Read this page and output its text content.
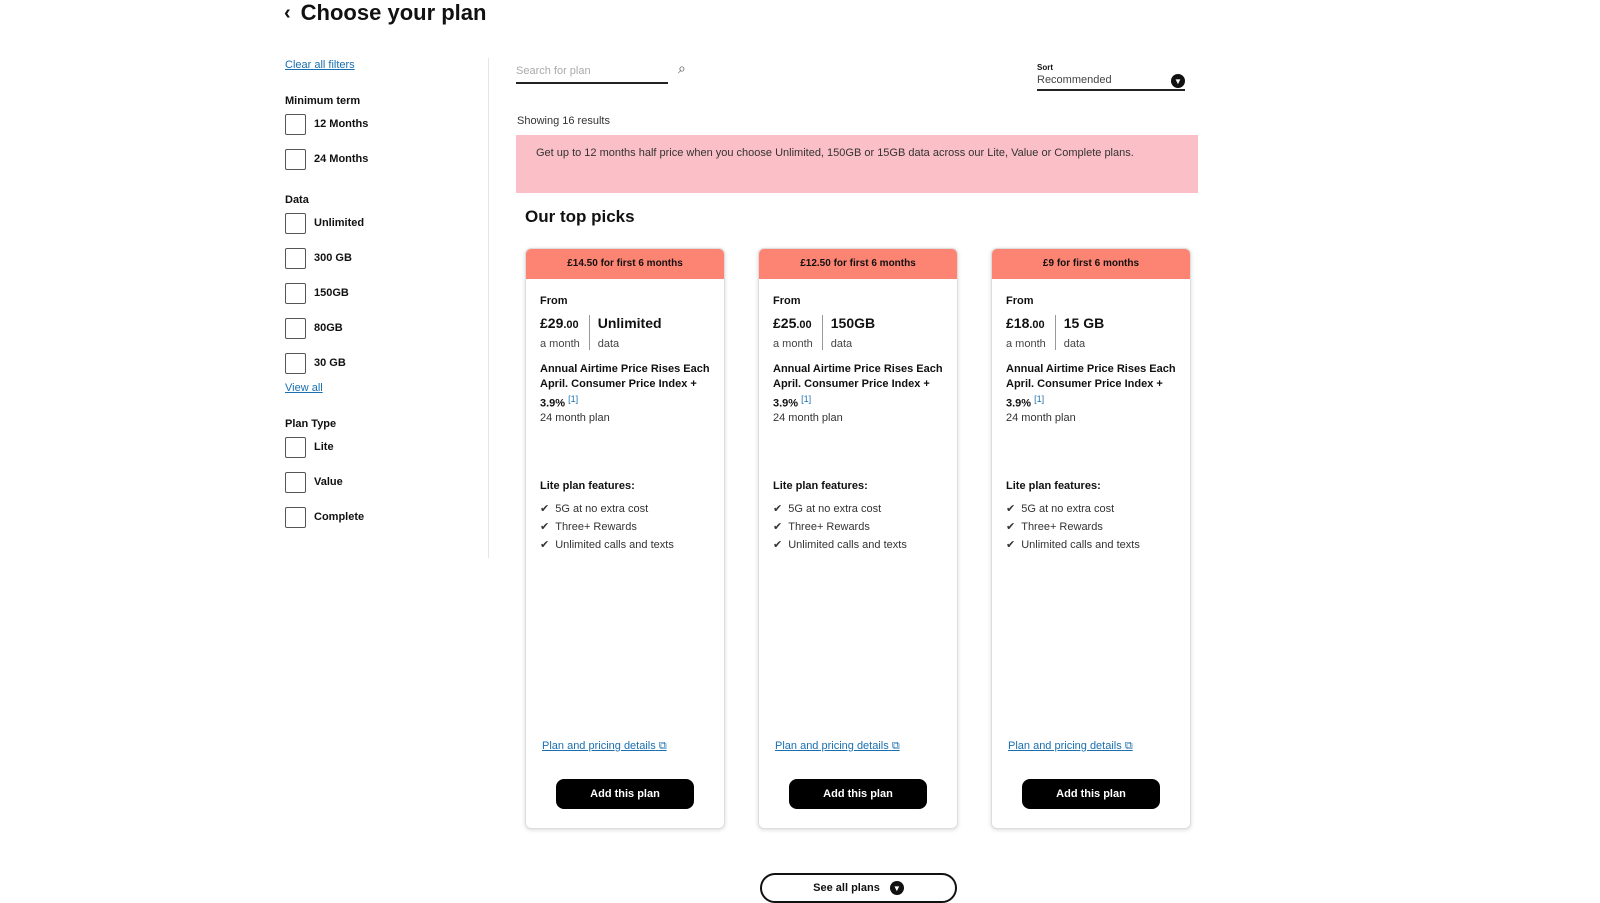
‹ Choose your plan
Clear all filters
Minimum term
12 Months
24 Months
Data
Unlimited
300 GB
150GB
80GB
30 GB
View all
Plan Type
Lite
Value
Complete
Search for plan	⌕	Sort
Recommended	▼
Showing 16 results
Get up to 12 months half price when you choose Unlimited, 150GB or 15GB data across our Lite, Value or Complete plans.
Our top picks
£14.50 for first 6 months
From
£29.00
a month
Unlimited
data
Annual Airtime Price Rises Each April. Consumer Price Index + 3.9% [1]
24 month plan
Lite plan features:
✔ 5G at no extra cost
✔ Three+ Rewards
✔ Unlimited calls and texts
Plan and pricing details ⧉
Add this plan
£12.50 for first 6 months
From
£25.00
a month
150GB
data
Annual Airtime Price Rises Each April. Consumer Price Index + 3.9% [1]
24 month plan
Lite plan features:
✔ 5G at no extra cost
✔ Three+ Rewards
✔ Unlimited calls and texts
Plan and pricing details ⧉
Add this plan
£9 for first 6 months
From
£18.00
a month
15 GB
data
Annual Airtime Price Rises Each April. Consumer Price Index + 3.9% [1]
24 month plan
Lite plan features:
✔ 5G at no extra cost
✔ Three+ Rewards
✔ Unlimited calls and texts
Plan and pricing details ⧉
Add this plan
See all plans	▼
